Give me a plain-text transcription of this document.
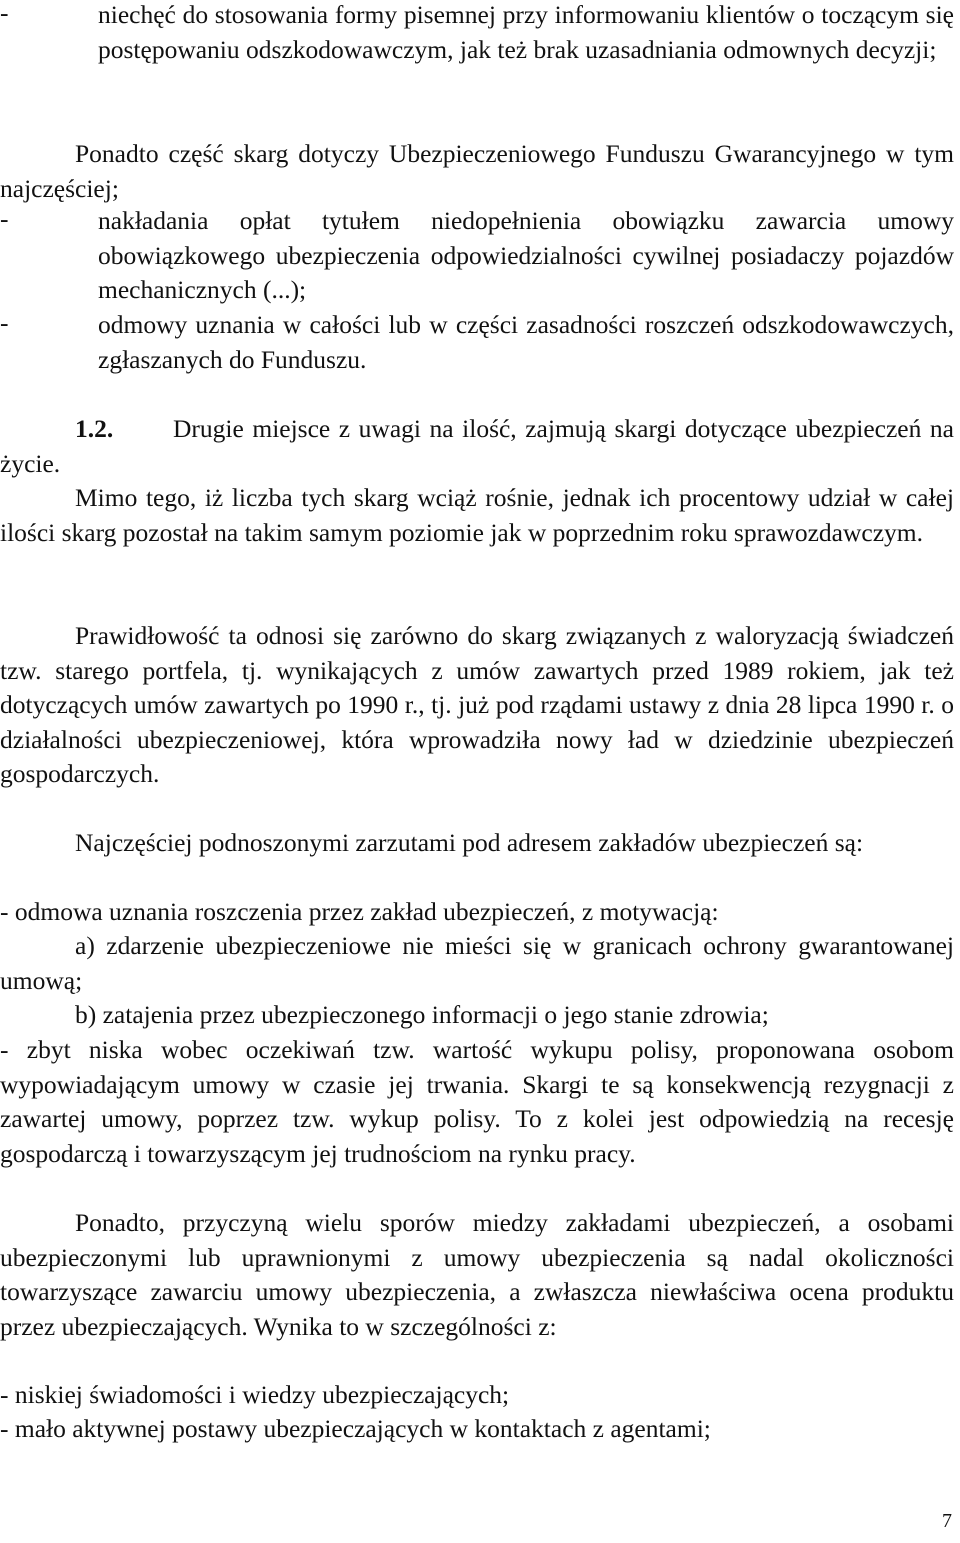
-	niechęć do stosowania formy pisemnej przy informowaniu klientów o toczącym się postępowaniu odszkodowawczym, jak też brak uzasadniania odmownych decyzji;
Ponadto część skarg dotyczy Ubezpieczeniowego Funduszu Gwarancyjnego w tym najczęściej;
-	nakładania opłat tytułem niedopełnienia obowiązku zawarcia umowy obowiązkowego ubezpieczenia odpowiedzialności cywilnej posiadaczy pojazdów mechanicznych (...);
-	odmowy uznania w całości lub w części zasadności roszczeń odszkodowawczych, zgłaszanych do Funduszu.
1.2. Drugie miejsce z uwagi na ilość, zajmują skargi dotyczące ubezpieczeń na życie.
Mimo tego, iż liczba tych skarg wciąż rośnie, jednak ich procentowy udział w całej ilości skarg pozostał na takim samym poziomie jak w poprzednim roku sprawozdawczym.
Prawidłowość ta odnosi się zarówno do skarg związanych z waloryzacją świadczeń tzw. starego portfela, tj. wynikających z umów zawartych przed 1989 rokiem, jak też dotyczących umów zawartych po 1990 r., tj. już pod rządami ustawy z dnia 28 lipca 1990 r. o działalności ubezpieczeniowej, która wprowadziła nowy ład w dziedzinie ubezpieczeń gospodarczych.
Najczęściej podnoszonymi zarzutami pod adresem zakładów ubezpieczeń są:
- odmowa uznania roszczenia przez zakład ubezpieczeń, z motywacją:
a) zdarzenie ubezpieczeniowe nie mieści się w granicach ochrony gwarantowanej umową;
b) zatajenia przez ubezpieczonego informacji o jego stanie zdrowia;
- zbyt niska wobec oczekiwań tzw. wartość wykupu polisy, proponowana osobom wypowiadającym umowy w czasie jej trwania. Skargi te są konsekwencją rezygnacji z zawartej umowy, poprzez tzw. wykup polisy. To z kolei jest odpowiedzią na recesję gospodarczą i towarzyszącym jej trudnościom na rynku pracy.
Ponadto, przyczyną wielu sporów miedzy zakładami ubezpieczeń, a osobami ubezpieczonymi lub uprawnionymi z umowy ubezpieczenia są nadal okoliczności towarzyszące zawarciu umowy ubezpieczenia, a zwłaszcza niewłaściwa ocena produktu przez ubezpieczających. Wynika to w szczególności z:
- niskiej świadomości i wiedzy ubezpieczających;
- mało aktywnej postawy ubezpieczających w kontaktach z agentami;
7
